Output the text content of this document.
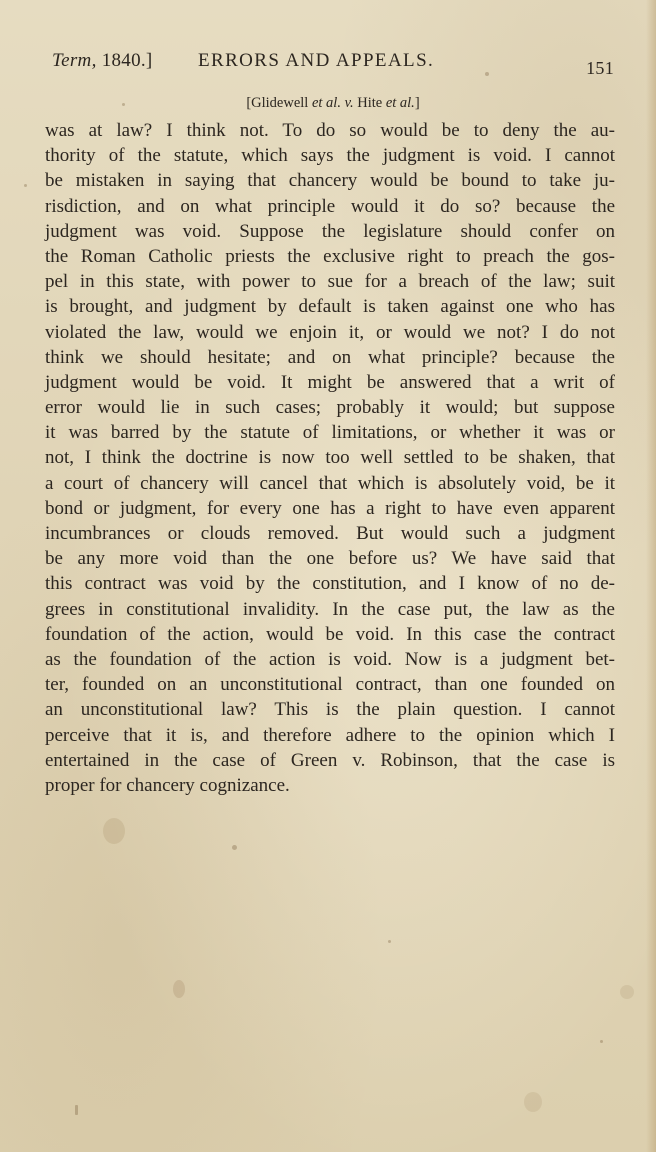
Term, 1840.] ERRORS AND APPEALS.	151
[Glidewell et al. v. Hite et al.]
was at law? I think not. To do so would be to deny the au-
thority of the statute, which says the judgment is void. I cannot
be mistaken in saying that chancery would be bound to take ju-
risdiction, and on what principle would it do so? because the
judgment was void. Suppose the legislature should confer on
the Roman Catholic priests the exclusive right to preach the gos-
pel in this state, with power to sue for a breach of the law; suit
is brought, and judgment by default is taken against one who has
violated the law, would we enjoin it, or would we not? I do not
think we should hesitate; and on what principle? because the
judgment would be void. It might be answered that a writ of
error would lie in such cases; probably it would; but suppose
it was barred by the statute of limitations, or whether it was or
not, I think the doctrine is now too well settled to be shaken, that
a court of chancery will cancel that which is absolutely void, be it
bond or judgment, for every one has a right to have even apparent
incumbrances or clouds removed. But would such a judgment
be any more void than the one before us? We have said that
this contract was void by the constitution, and I know of no de-
grees in constitutional invalidity. In the case put, the law as the
foundation of the action, would be void. In this case the contract
as the foundation of the action is void. Now is a judgment bet-
ter, founded on an unconstitutional contract, than one founded on
an unconstitutional law? This is the plain question. I cannot
perceive that it is, and therefore adhere to the opinion which I
entertained in the case of Green v. Robinson, that the case is
proper for chancery cognizance.
